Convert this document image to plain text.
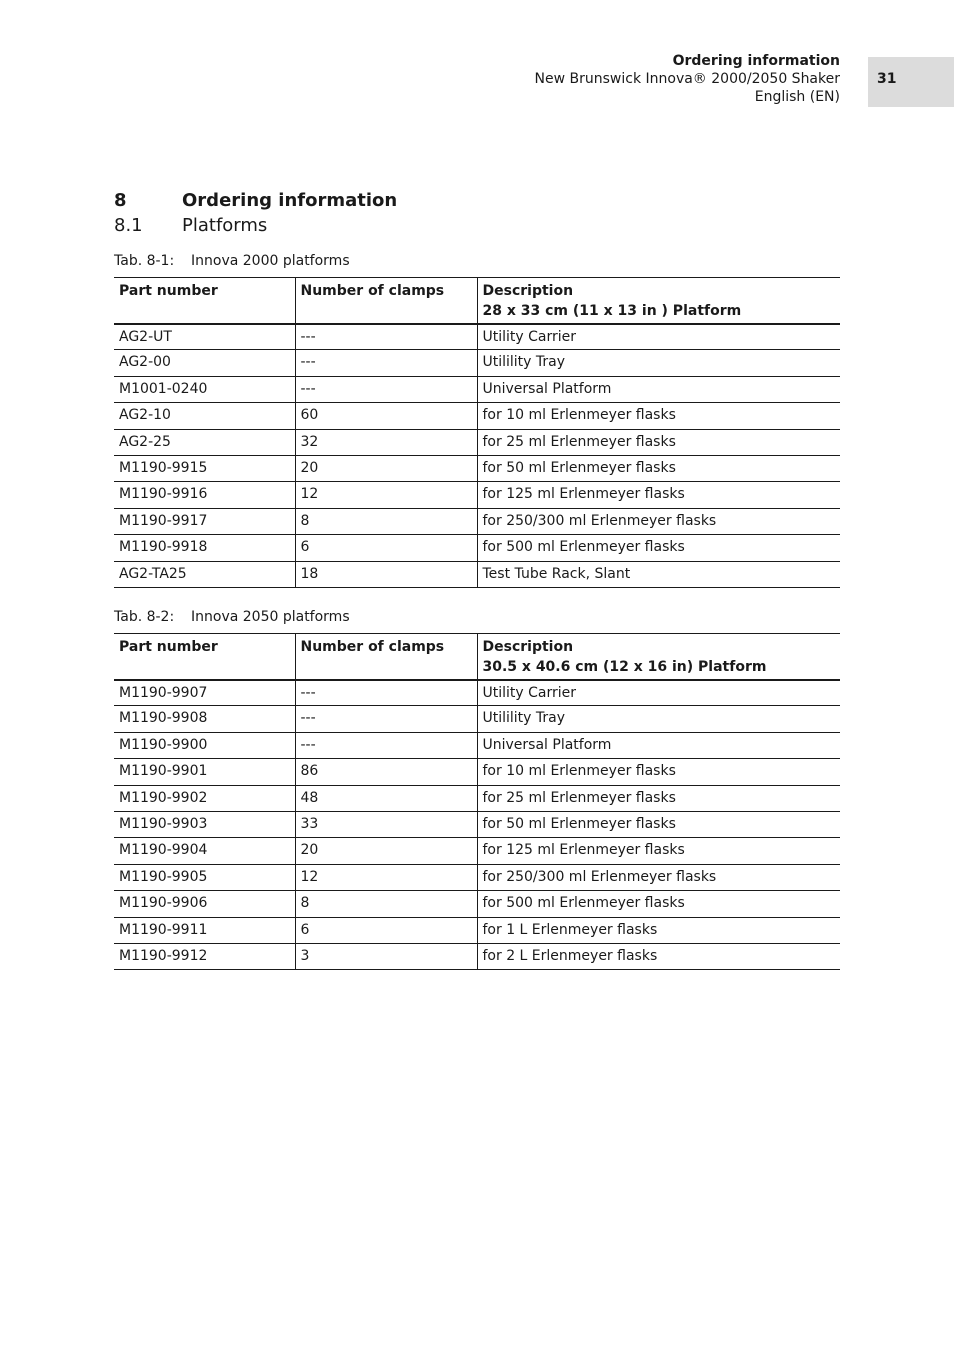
Ordering information
New Brunswick Innova® 2000/2050 Shaker
English (EN)
31
8	Ordering information
8.1 Platforms
Tab. 8-1: Innova 2000 platforms
Part number	Number of clamps	Description
28 x 33 cm (11 x 13 in ) Platform

AG2-UT	---	Utility Carrier
AG2-00	---	Utilility Tray
M1001-0240	---	Universal Platform
AG2-10	60	for 10 ml Erlenmeyer flasks
AG2-25	32	for 25 ml Erlenmeyer flasks
M1190-9915	20	for 50 ml Erlenmeyer flasks
M1190-9916	12	for 125 ml Erlenmeyer flasks
M1190-9917	8	for 250/300 ml Erlenmeyer flasks
M1190-9918	6	for 500 ml Erlenmeyer flasks
AG2-TA25	18	Test Tube Rack, Slant
Tab. 8-2: Innova 2050 platforms
Part number	Number of clamps	Description
30.5 x 40.6 cm (12 x 16 in) Platform

M1190-9907	---	Utility Carrier
M1190-9908	---	Utilility Tray
M1190-9900	---	Universal Platform
M1190-9901	86	for 10 ml Erlenmeyer flasks
M1190-9902	48	for 25 ml Erlenmeyer flasks
M1190-9903	33	for 50 ml Erlenmeyer flasks
M1190-9904	20	for 125 ml Erlenmeyer flasks
M1190-9905	12	for 250/300 ml Erlenmeyer flasks
M1190-9906	8	for 500 ml Erlenmeyer flasks
M1190-9911	6	for 1 L Erlenmeyer flasks
M1190-9912	3	for 2 L Erlenmeyer flasks
